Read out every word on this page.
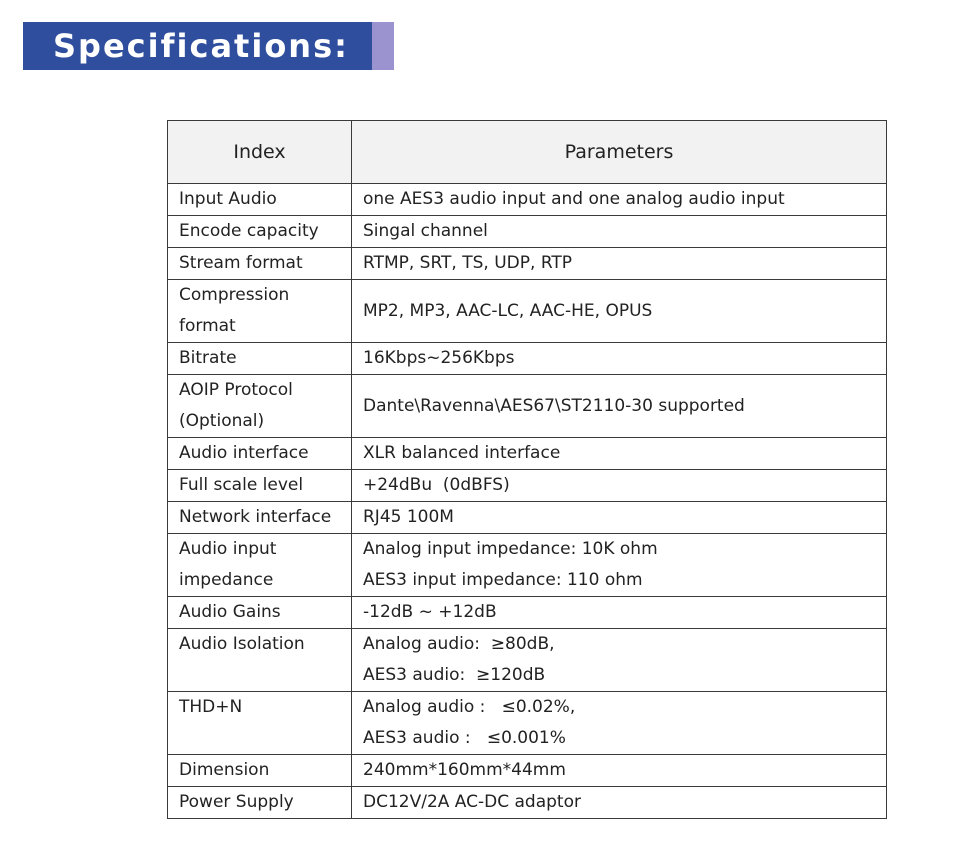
Specifications:
Index	Parameters

Input Audio	one AES3 audio input and one analog audio input

Encode capacity	Singal channel

Stream format	RTMP, SRT, TS, UDP, RTP

Compression
format	MP2, MP3, AAC-LC, AAC-HE, OPUS

Bitrate	16Kbps~256Kbps

AOIP Protocol
(Optional)	Dante\Ravenna\AES67\ST2110-30 supported

Audio interface	XLR balanced interface

Full scale level	+24dBu  (0dBFS)

Network interface	RJ45 100M

Audio input
impedance	Analog input impedance: 10K ohm
AES3 input impedance: 110 ohm

Audio Gains	-12dB ~ +12dB

Audio Isolation	Analog audio:  ≥80dB,
AES3 audio:  ≥120dB

THD+N	Analog audio :   ≤0.02%,
AES3 audio :   ≤0.001%

Dimension	240mm*160mm*44mm

Power Supply	DC12V/2A AC-DC adaptor
